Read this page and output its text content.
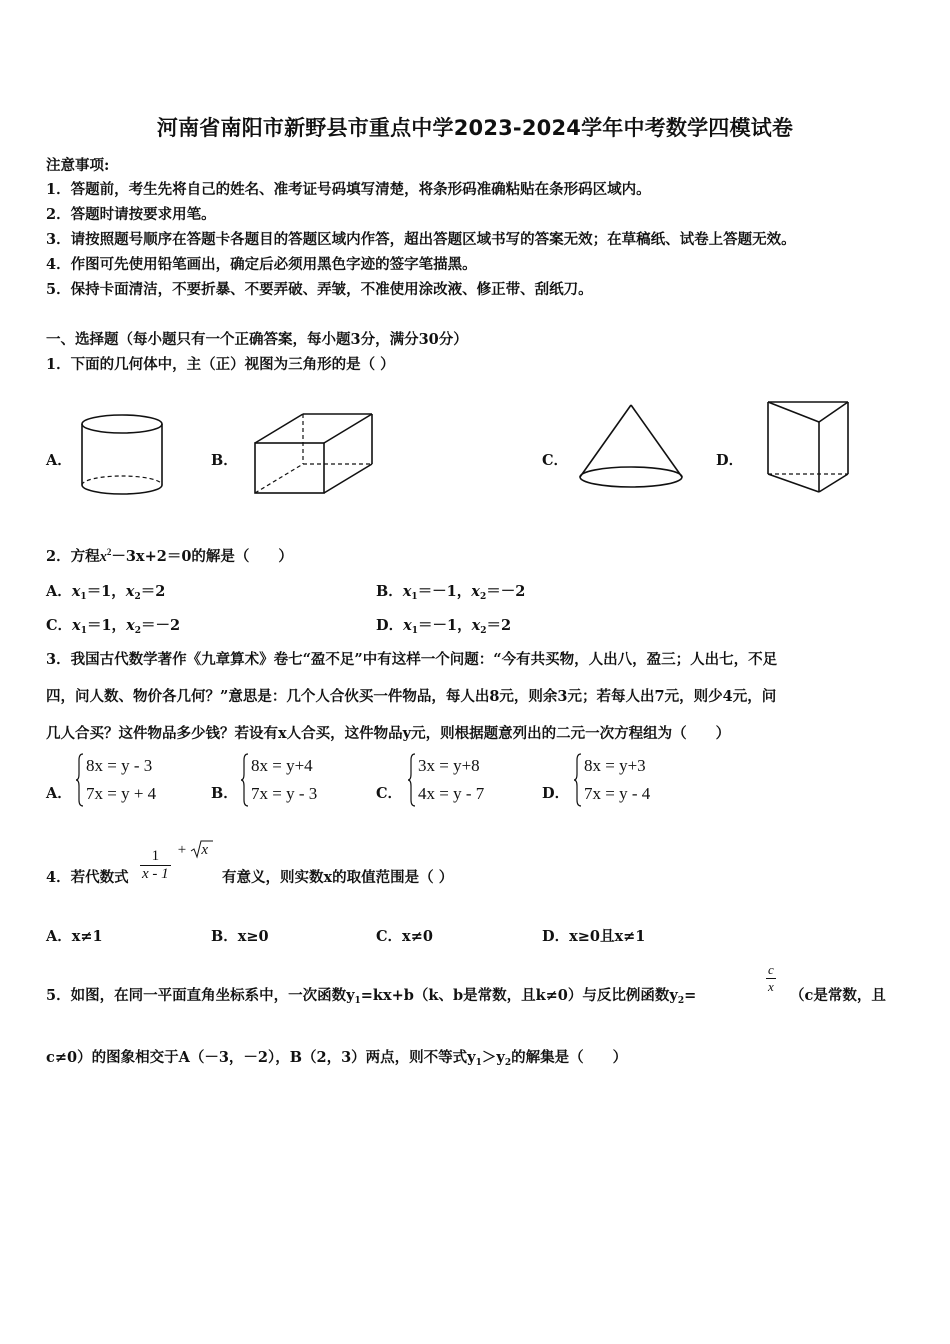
河南省南阳市新野县市重点中学2023-2024学年中考数学四模试卷
注意事项:
1．答题前，考生先将自己的姓名、准考证号码填写清楚，将条形码准确粘贴在条形码区域内。
2．答题时请按要求用笔。
3．请按照题号顺序在答题卡各题目的答题区域内作答，超出答题区域书写的答案无效；在草稿纸、试卷上答题无效。
4．作图可先使用铅笔画出，确定后必须用黑色字迹的签字笔描黑。
5．保持卡面清洁，不要折暴、不要弄破、弄皱，不准使用涂改液、修正带、刮纸刀。
一、选择题（每小题只有一个正确答案，每小题3分，满分30分）
1．下面的几何体中，主（正）视图为三角形的是（ ）
A．	B．	C．	D．
2．方程$x^2-3x+2=0$的解是（　　）
A．$x_1=1$，$x_2=2$	B．$x_1=-1$，$x_2=-2$
C．$x_1=1$，$x_2=-2$	D．$x_1=-1$，$x_2=2$
3．我国古代数学著作《九章算术》卷七“盈不足”中有这样一个问题：“今有共买物，人出八，盈三；人出七，不足
四，问人数、物价各几何？”意思是：几个人合伙买一件物品，每人出8元，则余3元；若每人出7元，则少4元，问
几人合买？这件物品多少钱？若设有x人合买，这件物品y元，则根据题意列出的二元一次方程组为（　　）
A．
8x = y - 3
7x = y + 4	B．
8x = y+4
7x = y - 3	C．
3x = y+8
4x = y - 7	D．
8x = y+3
7x = y - 4
4．若代数式 $\frac{1}{x - 1} + x$
有意义，则实数x的取值范围是（ ）
A．x≠1	B．x≥0	C．x≠0	D．x≥0且x≠1
5．如图，在同一平面直角坐标系中，一次函数$y_1=kx+b(k$、b是常数，且k≠0）与反比例函数$y_2=$
$\frac{c}{x}$
（c是常数，且
c≠0）的图象相交于A（－3，－2），B（2，3）两点，则不等式$y_1>y_2$的解集是（　　）
